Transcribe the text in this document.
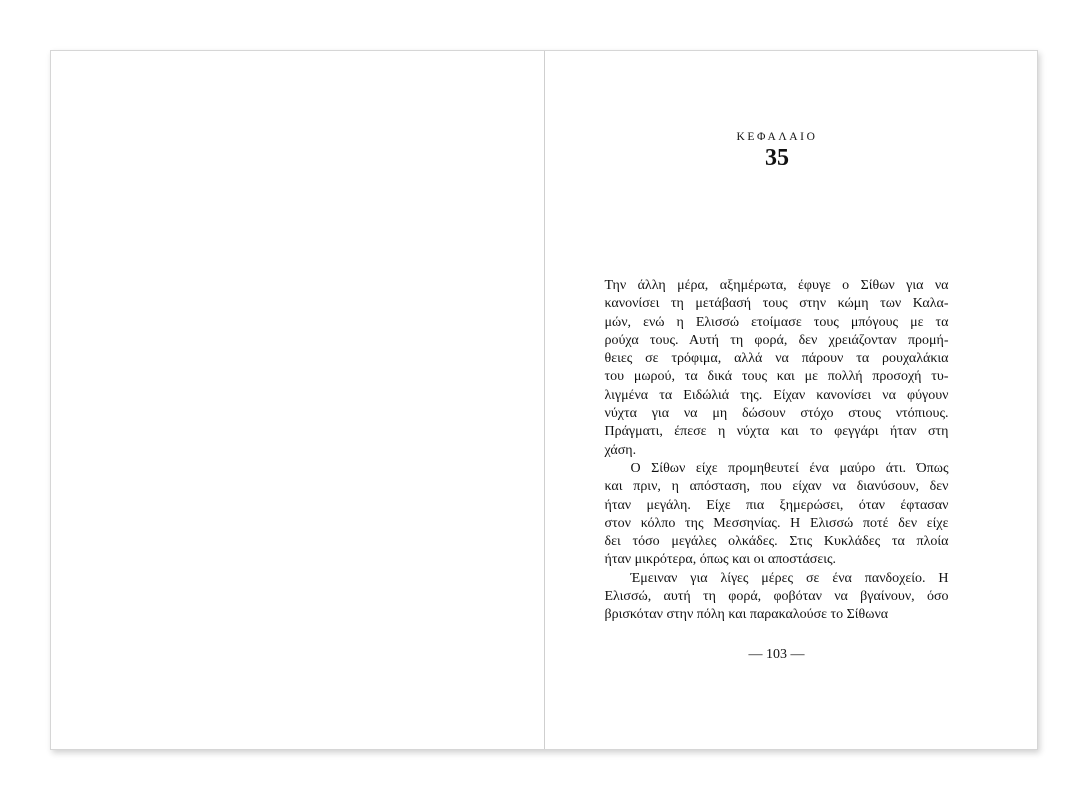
ΚΕΦΑΛΑΙΟ
35

Την άλλη μέρα, αξημέρωτα, έφυγε ο Σίθων για να
κανονίσει τη μετάβασή τους στην κώμη των Καλα-
μών, ενώ η Ελισσώ ετοίμασε τους μπόγους με τα
ρούχα τους. Αυτή τη φορά, δεν χρειάζονταν προμή-
θειες σε τρόφιμα, αλλά να πάρουν τα ρουχαλάκια
του μωρού, τα δικά τους και με πολλή προσοχή τυ-
λιγμένα τα Ειδώλιά της. Είχαν κανονίσει να φύγουν
νύχτα για να μη δώσουν στόχο στους ντόπιους.
Πράγματι, έπεσε η νύχτα και το φεγγάρι ήταν στη
χάση.

Ο Σίθων είχε προμηθευτεί ένα μαύρο άτι. Όπως
και πριν, η απόσταση, που είχαν να διανύσουν, δεν
ήταν μεγάλη. Είχε πια ξημερώσει, όταν έφτασαν
στον κόλπο της Μεσσηνίας. Η Ελισσώ ποτέ δεν είχε
δει τόσο μεγάλες ολκάδες. Στις Κυκλάδες τα πλοία
ήταν μικρότερα, όπως και οι αποστάσεις.

Έμειναν για λίγες μέρες σε ένα πανδοχείο. Η
Ελισσώ, αυτή τη φορά, φοβόταν να βγαίνουν, όσο
βρισκόταν στην πόλη και παρακαλούσε το Σίθωνα

— 103 —
